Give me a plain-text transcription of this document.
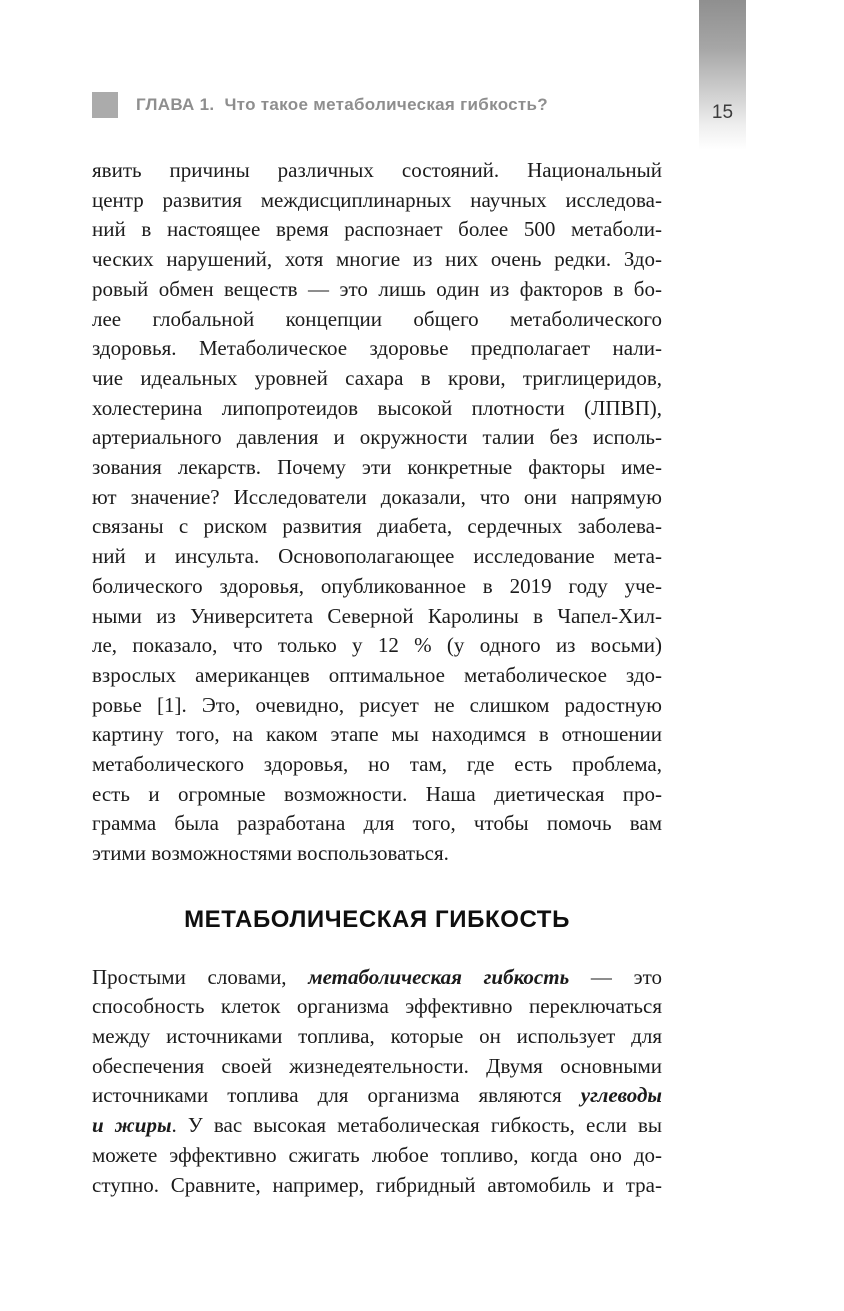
15
ГЛАВА 1. Что такое метаболическая гибкость?
явить причины различных состояний. Национальный
центр развития междисциплинарных научных исследова-
ний в настоящее время распознает более 500 метаболи-
ческих нарушений, хотя многие из них очень редки. Здо-
ровый обмен веществ — это лишь один из факторов в бо-
лее глобальной концепции общего метаболического
здоровья. Метаболическое здоровье предполагает нали-
чие идеальных уровней сахара в крови, триглицеридов,
холестерина липопротеидов высокой плотности (ЛПВП),
артериального давления и окружности талии без исполь-
зования лекарств. Почему эти конкретные факторы име-
ют значение? Исследователи доказали, что они напрямую
связаны с риском развития диабета, сердечных заболева-
ний и инсульта. Основополагающее исследование мета-
болического здоровья, опубликованное в 2019 году уче-
ными из Университета Северной Каролины в Чапел-Хил-
ле, показало, что только у 12 % (у одного из восьми)
взрослых американцев оптимальное метаболическое здо-
ровье [1]. Это, очевидно, рисует не слишком радостную
картину того, на каком этапе мы находимся в отношении
метаболического здоровья, но там, где есть проблема,
есть и огромные возможности. Наша диетическая про-
грамма была разработана для того, чтобы помочь вам
этими возможностями воспользоваться.
МЕТАБОЛИЧЕСКАЯ ГИБКОСТЬ
Простыми словами, метаболическая гибкость — это
способность клеток организма эффективно переключаться
между источниками топлива, которые он использует для
обеспечения своей жизнедеятельности. Двумя основными
источниками топлива для организма являются углеводы
и жиры. У вас высокая метаболическая гибкость, если вы
можете эффективно сжигать любое топливо, когда оно до-
ступно. Сравните, например, гибридный автомобиль и тра-
